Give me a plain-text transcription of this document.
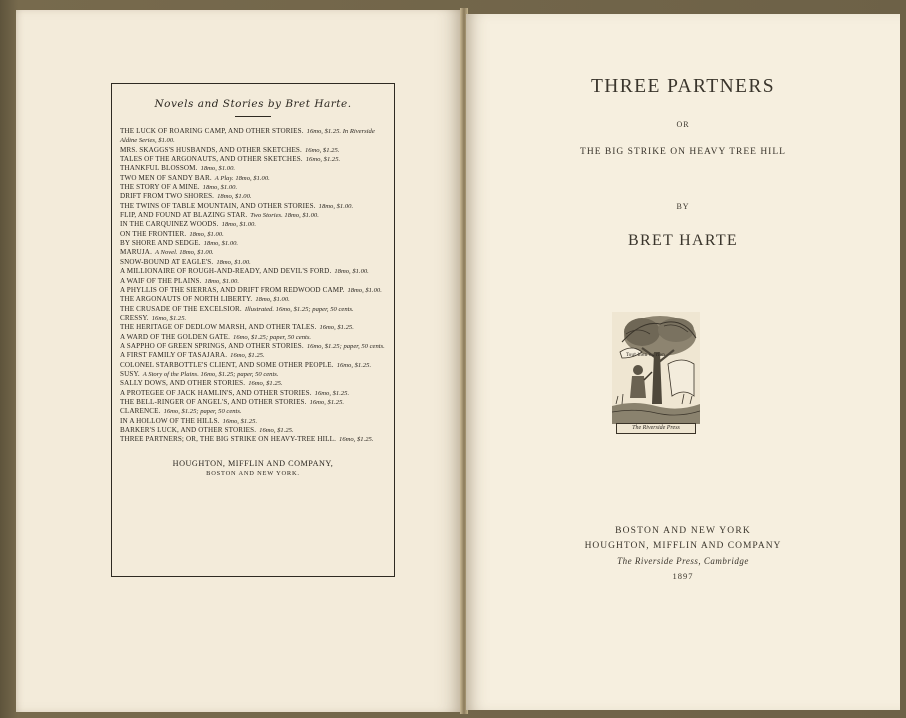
Novels and Stories by Bret Harte.
THE LUCK OF ROARING CAMP, AND OTHER STORIES. 16mo, $1.25. In Riverside Aldine Series, $1.00.
MRS. SKAGGS'S HUSBANDS, AND OTHER SKETCHES. 16mo, $1.25.
TALES OF THE ARGONAUTS, AND OTHER SKETCHES. 16mo, $1.25.
THANKFUL BLOSSOM. 18mo, $1.00.
TWO MEN OF SANDY BAR. A Play. 18mo, $1.00.
THE STORY OF A MINE. 18mo, $1.00.
DRIFT FROM TWO SHORES. 18mo, $1.00.
THE TWINS OF TABLE MOUNTAIN, AND OTHER STORIES. 18mo, $1.00.
FLIP, AND FOUND AT BLAZING STAR. Two Stories. 18mo, $1.00.
IN THE CARQUINEZ WOODS. 18mo, $1.00.
ON THE FRONTIER. 18mo, $1.00.
BY SHORE AND SEDGE. 18mo, $1.00.
MARUJA. A Novel. 18mo, $1.00.
SNOW-BOUND AT EAGLE'S. 18mo, $1.00.
A MILLIONAIRE OF ROUGH-AND-READY, AND DEVIL'S FORD. 18mo, $1.00.
A WAIF OF THE PLAINS. 18mo, $1.00.
A PHYLLIS OF THE SIERRAS, AND DRIFT FROM REDWOOD CAMP. 18mo, $1.00.
THE ARGONAUTS OF NORTH LIBERTY. 18mo, $1.00.
THE CRUSADE OF THE EXCELSIOR. Illustrated. 16mo, $1.25; paper, 50 cents.
CRESSY. 16mo, $1.25.
THE HERITAGE OF DEDLOW MARSH, AND OTHER TALES. 16mo, $1.25.
A WARD OF THE GOLDEN GATE. 16mo, $1.25; paper, 50 cents.
A SAPPHO OF GREEN SPRINGS, AND OTHER STORIES. 16mo, $1.25; paper, 50 cents.
A FIRST FAMILY OF TASAJARA. 16mo, $1.25.
COLONEL STARBOTTLE'S CLIENT, AND SOME OTHER PEOPLE. 16mo, $1.25.
SUSY. A Story of the Plains. 16mo, $1.25; paper, 50 cents.
SALLY DOWS, AND OTHER STORIES. 16mo, $1.25.
A PROTEGEE OF JACK HAMLIN'S, AND OTHER STORIES. 16mo, $1.25.
THE BELL-RINGER OF ANGEL'S, AND OTHER STORIES. 16mo, $1.25.
CLARENCE. 16mo, $1.25; paper, 50 cents.
IN A HOLLOW OF THE HILLS. 16mo, $1.25.
BARKER'S LUCK, AND OTHER STORIES. 16mo, $1.25.
THREE PARTNERS; OR, THE BIG STRIKE ON HEAVY-TREE HILL. 16mo, $1.25.
HOUGHTON, MIFFLIN AND COMPANY,
BOSTON AND NEW YORK.
THREE PARTNERS
OR
THE BIG STRIKE ON HEAVY TREE HILL
BY
BRET HARTE
Tout bien ou rien
The Riverside Press
BOSTON AND NEW YORK
HOUGHTON, MIFFLIN AND COMPANY
The Riverside Press, Cambridge
1897
